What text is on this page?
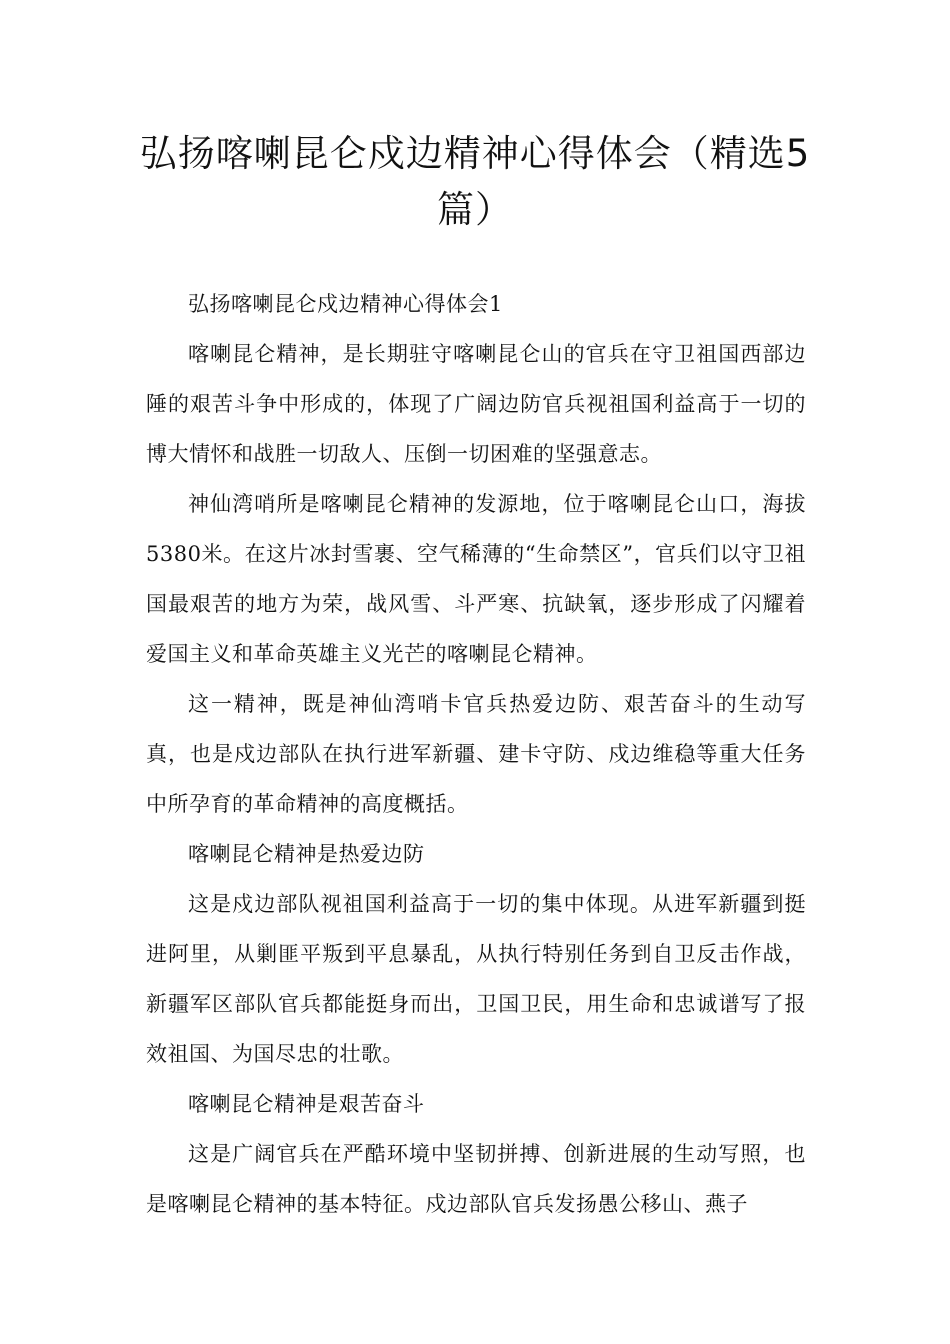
弘扬喀喇昆仑戍边精神心得体会（精选5篇）

弘扬喀喇昆仑戍边精神心得体会1

喀喇昆仑精神，是长期驻守喀喇昆仑山的官兵在守卫祖国西部边陲的艰苦斗争中形成的，体现了广阔边防官兵视祖国利益高于一切的博大情怀和战胜一切敌人、压倒一切困难的坚强意志。

神仙湾哨所是喀喇昆仑精神的发源地，位于喀喇昆仑山口，海拔5380米。在这片冰封雪裹、空气稀薄的“生命禁区”，官兵们以守卫祖国最艰苦的地方为荣，战风雪、斗严寒、抗缺氧，逐步形成了闪耀着爱国主义和革命英雄主义光芒的喀喇昆仑精神。

这一精神，既是神仙湾哨卡官兵热爱边防、艰苦奋斗的生动写真，也是戍边部队在执行进军新疆、建卡守防、戍边维稳等重大任务中所孕育的革命精神的高度概括。

喀喇昆仑精神是热爱边防

这是戍边部队视祖国利益高于一切的集中体现。从进军新疆到挺进阿里，从剿匪平叛到平息暴乱，从执行特别任务到自卫反击作战，新疆军区部队官兵都能挺身而出，卫国卫民，用生命和忠诚谱写了报效祖国、为国尽忠的壮歌。

喀喇昆仑精神是艰苦奋斗

这是广阔官兵在严酷环境中坚韧拼搏、创新进展的生动写照，也是喀喇昆仑精神的基本特征。戍边部队官兵发扬愚公移山、燕子
